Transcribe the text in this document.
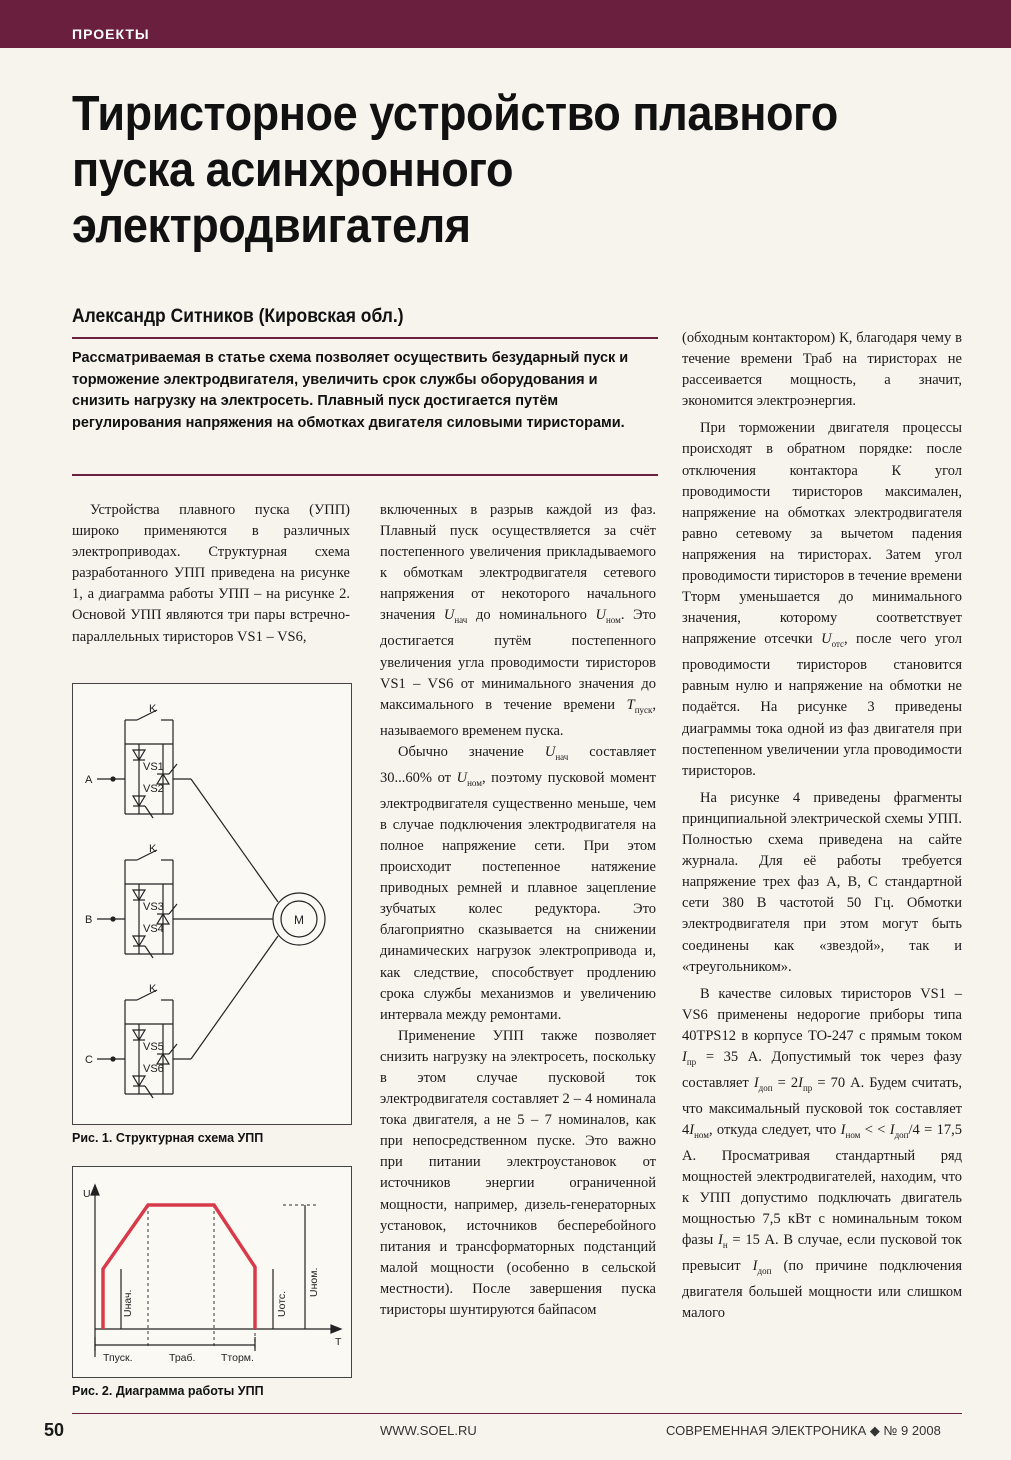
ПРОЕКТЫ
Тиристорное устройство плавного пуска асинхронного электродвигателя
Александр Ситников (Кировская обл.)

Рассматриваемая в статье схема позволяет осуществить безударный пуск и торможение электродвигателя, увеличить срок службы оборудования и снизить нагрузку на электросеть. Плавный пуск достигается путём регулирования напряжения на обмотках двигателя силовыми тиристорами.

Устройства плавного пуска (УПП) широко применяются в различных электроприводах. Структурная схема разработанного УПП приведена на рисунке 1, а диаграмма работы УПП – на рисунке 2. Основой УПП являются три пары встречно-параллельных тиристоров VS1 – VS6,

A
B
C
K
K
K
VS1
VS2
VS3
VS4
VS5
VS6
M
Рис. 1. Структурная схема УПП
U
T
Тпуск.	Траб. Тторм.
Uнач.	Uотс.
Uном.
Рис. 2. Диаграмма работы УПП

включенных в разрыв каждой из фаз. Плавный пуск осуществляется за счёт постепенного увеличения прикладываемого к обмоткам электродвигателя сетевого напряжения от некоторого начального значения $U_{нач}$ до номинального $U_{ном}$. Это достигается путём постепенного увеличения угла проводимости тиристоров VS1 – VS6 от минимального значения до максимального в течение времени $T_{пуск}$, называемого временем пуска.

Обычно значение $U_{нач}$ составляет 30...60% от $U_{ном}$, поэтому пусковой момент электродвигателя существенно меньше, чем в случае подключения электродвигателя на полное напряжение сети. При этом происходит постепенное натяжение приводных ремней и плавное зацепление зубчатых колес редуктора. Это благоприятно сказывается на снижении динамических нагрузок электропривода и, как следствие, способствует продлению срока службы механизмов и увеличению интервала между ремонтами.

Применение УПП также позволяет снизить нагрузку на электросеть, поскольку в этом случае пусковой ток электродвигателя составляет 2 – 4 номинала тока двигателя, а не 5 – 7 номиналов, как при непосредственном пуске. Это важно при питании электроустановок от источников энергии ограниченной мощности, например, дизель-генераторных установок, источников бесперебойного питания и трансформаторных подстанций малой мощности (особенно в сельской местности). После завершения пуска тиристоры шунтируются байпасом

(обходным контактором) К, благодаря чему в течение времени Траб на тиристорах не рассеивается мощность, а значит, экономится электроэнергия.

При торможении двигателя процессы происходят в обратном порядке: после отключения контактора К угол проводимости тиристоров максимален, напряжение на обмотках электродвигателя равно сетевому за вычетом падения напряжения на тиристорах. Затем угол проводимости тиристоров в течение времени Тторм уменьшается до минимального значения, которому соответствует напряжение отсечки $U_{отс}$, после чего угол проводимости тиристоров становится равным нулю и напряжение на обмотки не подаётся. На рисунке 3 приведены диаграммы тока одной из фаз двигателя при постепенном увеличении угла проводимости тиристоров.

На рисунке 4 приведены фрагменты принципиальной электрической схемы УПП. Полностью схема приведена на сайте журнала. Для её работы требуется напряжение трех фаз А, В, С стандартной сети 380 В частотой 50 Гц. Обмотки электродвигателя при этом могут быть соединены как «звездой», так и «треугольником».

В качестве силовых тиристоров VS1 – VS6 применены недорогие приборы типа 40TPS12 в корпусе TO-247 с прямым током $I_{пр} = 35$ А. Допустимый ток через фазу составляет $I_{доп} = 2I_{пр} = 70$ А. Будем считать, что максимальный пусковой ток составляет $4I_{ном}$, откуда следует, что $I_{ном}$ < < $I_{доп}/4 = 17,5$ А. Просматривая стандартный ряд мощностей электродвигателей, находим, что к УПП допустимо подключать двигатель мощностью 7,5 кВт с номинальным током фазы $I_н = 15$ А. В случае, если пусковой ток превысит $I_{доп}$ (по причине подключения двигателя большей мощности или слишком малого

50	WWW.SOEL.RU	СОВРЕМЕННАЯ ЭЛЕКТРОНИКА ◆ № 9 2008
